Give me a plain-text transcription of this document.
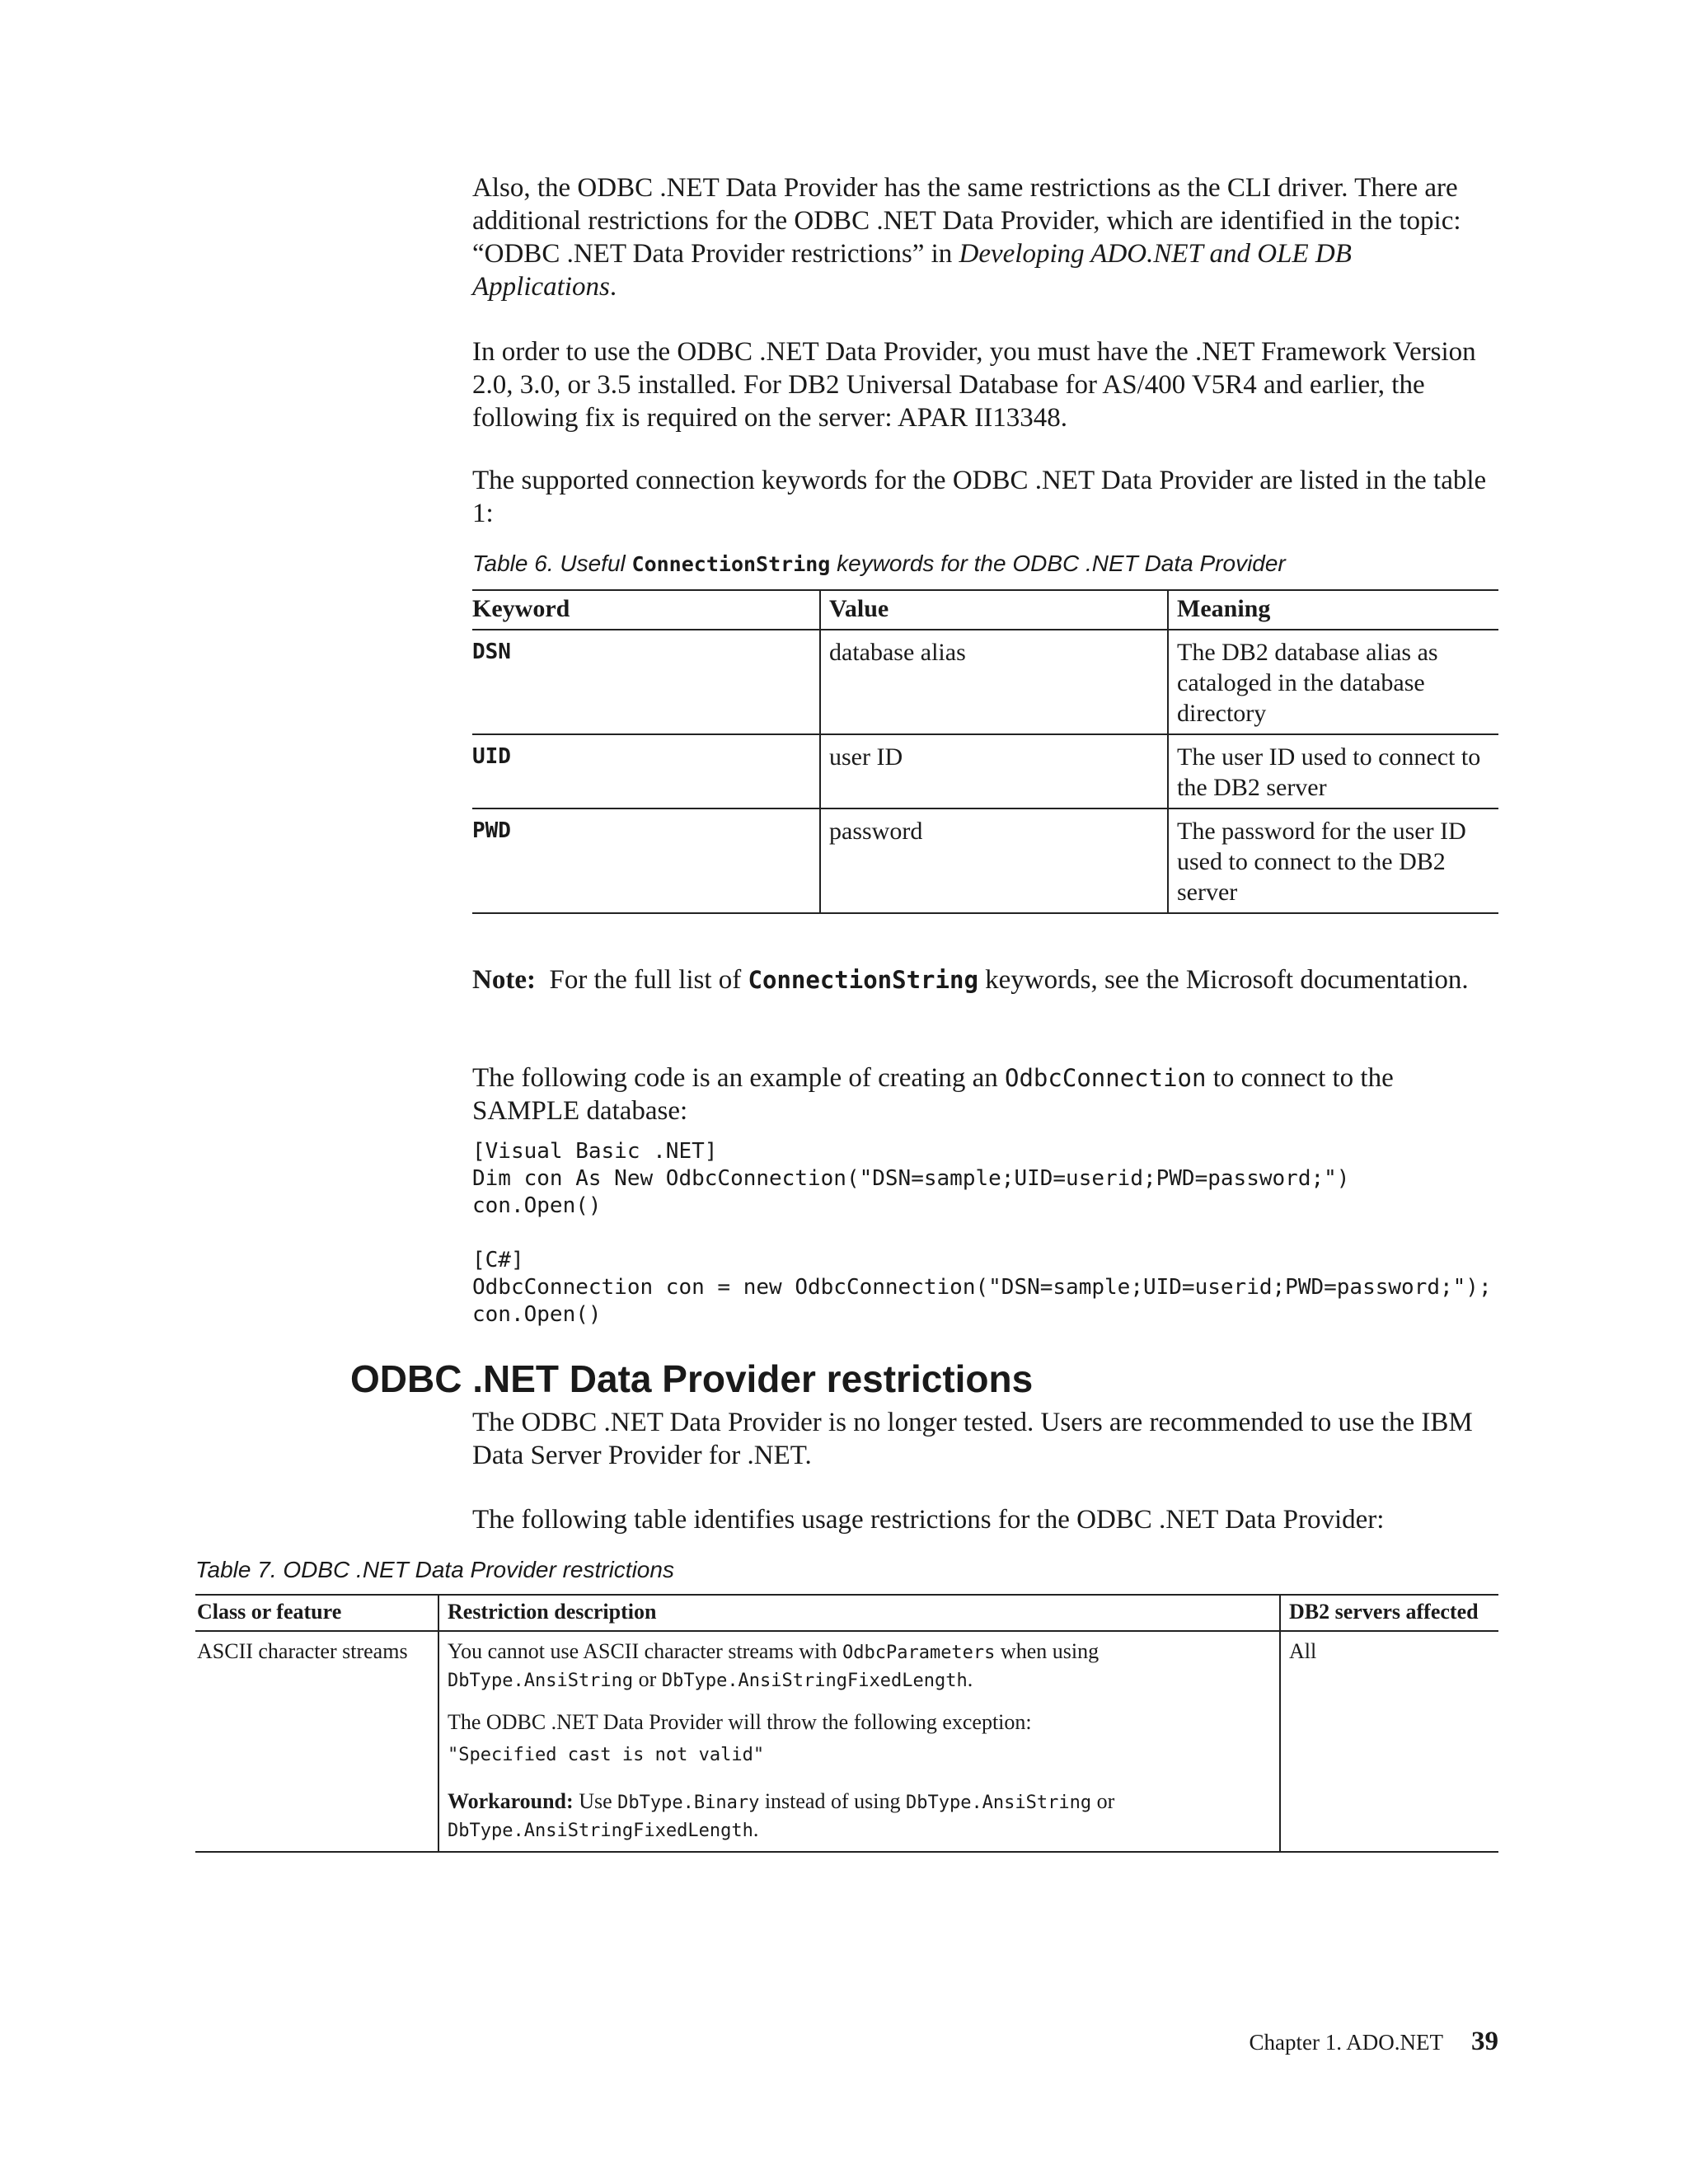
Also, the ODBC .NET Data Provider has the same restrictions as the CLI driver. There are additional restrictions for the ODBC .NET Data Provider, which are identified in the topic: “ODBC .NET Data Provider restrictions” in Developing ADO.NET and OLE DB Applications.

In order to use the ODBC .NET Data Provider, you must have the .NET Framework Version 2.0, 3.0, or 3.5 installed. For DB2 Universal Database for AS/400 V5R4 and earlier, the following fix is required on the server: APAR II13348.

The supported connection keywords for the ODBC .NET Data Provider are listed in the table 1:

Table 6. Useful ConnectionString keywords for the ODBC .NET Data Provider

Keyword	Value	Meaning
DSN	database alias	The DB2 database alias as cataloged in the database directory
UID	user ID	The user ID used to connect to the DB2 server
PWD	password	The password for the user ID used to connect to the DB2 server

Note: For the full list of ConnectionString keywords, see the Microsoft documentation.

The following code is an example of creating an OdbcConnection to connect to the SAMPLE database:

[Visual Basic .NET]
Dim con As New OdbcConnection("DSN=sample;UID=userid;PWD=password;")
con.Open()
[C#]
OdbcConnection con = new OdbcConnection("DSN=sample;UID=userid;PWD=password;");
con.Open()
ODBC .NET Data Provider restrictions

The ODBC .NET Data Provider is no longer tested. Users are recommended to use the IBM Data Server Provider for .NET.

The following table identifies usage restrictions for the ODBC .NET Data Provider:

Table 7. ODBC .NET Data Provider restrictions

Class or feature	Restriction description	DB2 servers affected
ASCII character streams	You cannot use ASCII character streams with OdbcParameters when using DbType.AnsiString or DbType.AnsiStringFixedLength.

The ODBC .NET Data Provider will throw the following exception:

"Specified cast is not valid"

Workaround: Use DbType.Binary instead of using DbType.AnsiString or DbType.AnsiStringFixedLength.	All
Chapter 1. ADO.NET 39
